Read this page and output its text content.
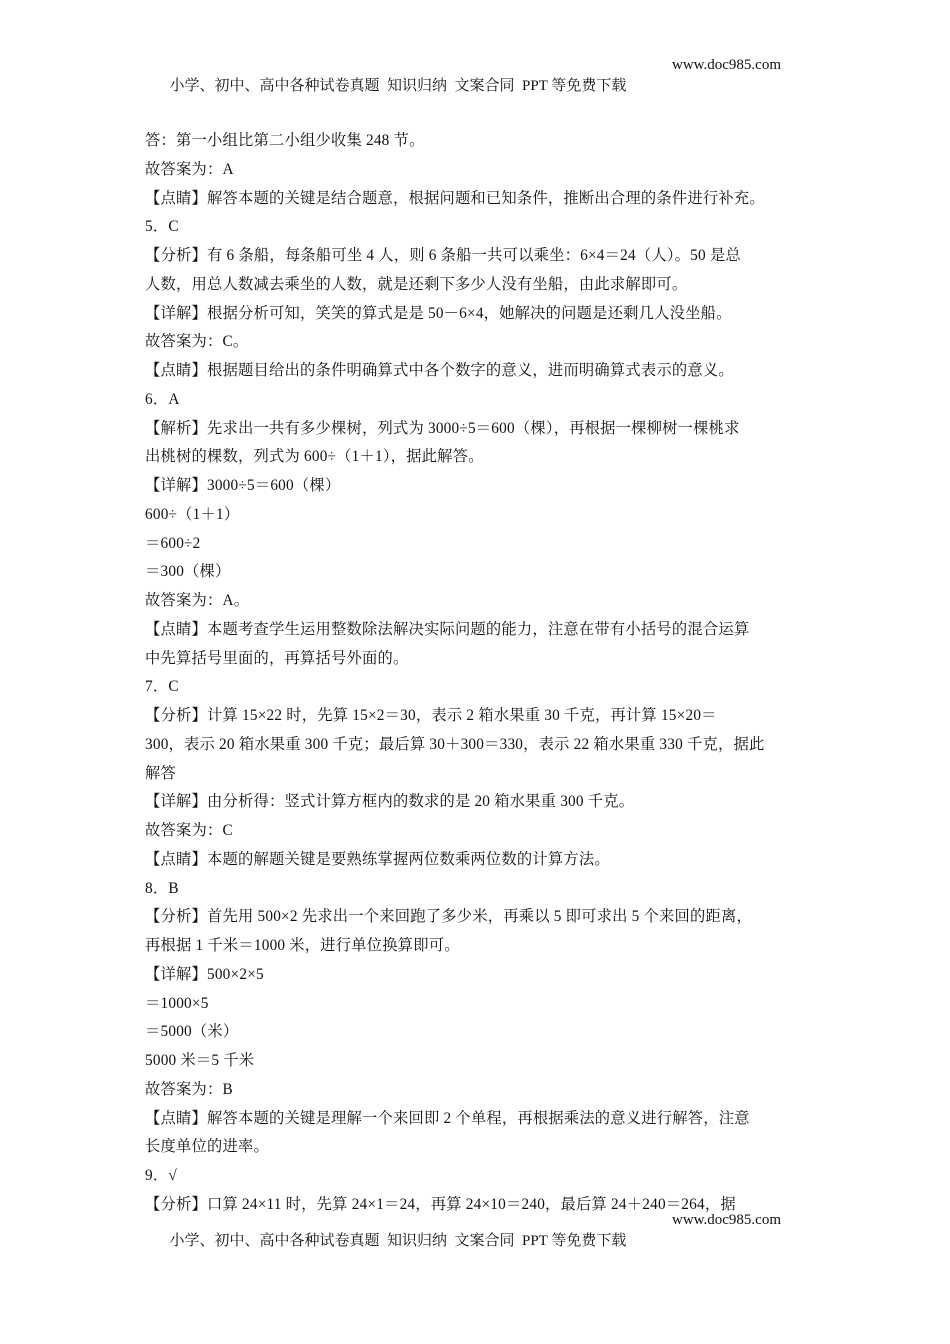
小学、初中、高中各种试卷真题  知识归纳  文案合同  PPT 等免费下载

www.doc985.com

答：第一小组比第二小组少收集 248 节。
故答案为：A
【点睛】解答本题的关键是结合题意，根据问题和已知条件，推断出合理的条件进行补充。
5．C
【分析】有 6 条船，每条船可坐 4 人，则 6 条船一共可以乘坐：6×4＝24（人）。50 是总
人数，用总人数减去乘坐的人数，就是还剩下多少人没有坐船，由此求解即可。
【详解】根据分析可知，笑笑的算式是是 50－6×4，她解决的问题是还剩几人没坐船。
故答案为：C。
【点睛】根据题目给出的条件明确算式中各个数字的意义，进而明确算式表示的意义。
6．A
【解析】先求出一共有多少棵树，列式为 3000÷5＝600（棵），再根据一棵柳树一棵桃求
出桃树的棵数，列式为 600÷（1＋1），据此解答。
【详解】3000÷5＝600（棵）
600÷（1＋1）
＝600÷2
＝300（棵）
故答案为：A。
【点睛】本题考查学生运用整数除法解决实际问题的能力，注意在带有小括号的混合运算
中先算括号里面的，再算括号外面的。
7．C
【分析】计算 15×22 时，先算 15×2＝30，表示 2 箱水果重 30 千克，再计算 15×20＝
300，表示 20 箱水果重 300 千克；最后算 30＋300＝330，表示 22 箱水果重 330 千克，据此
解答
【详解】由分析得：竖式计算方框内的数求的是 20 箱水果重 300 千克。
故答案为：C
【点睛】本题的解题关键是要熟练掌握两位数乘两位数的计算方法。
8．B
【分析】首先用 500×2 先求出一个来回跑了多少米，再乘以 5 即可求出 5 个来回的距离，
再根据 1 千米＝1000 米，进行单位换算即可。
【详解】500×2×5
＝1000×5
＝5000（米）
5000 米＝5 千米
故答案为：B
【点睛】解答本题的关键是理解一个来回即 2 个单程，再根据乘法的意义进行解答，注意
长度单位的进率。
9．√
【分析】口算 24×11 时，先算 24×1＝24，再算 24×10＝240，最后算 24＋240＝264，据

小学、初中、高中各种试卷真题  知识归纳  文案合同  PPT 等免费下载

www.doc985.com
